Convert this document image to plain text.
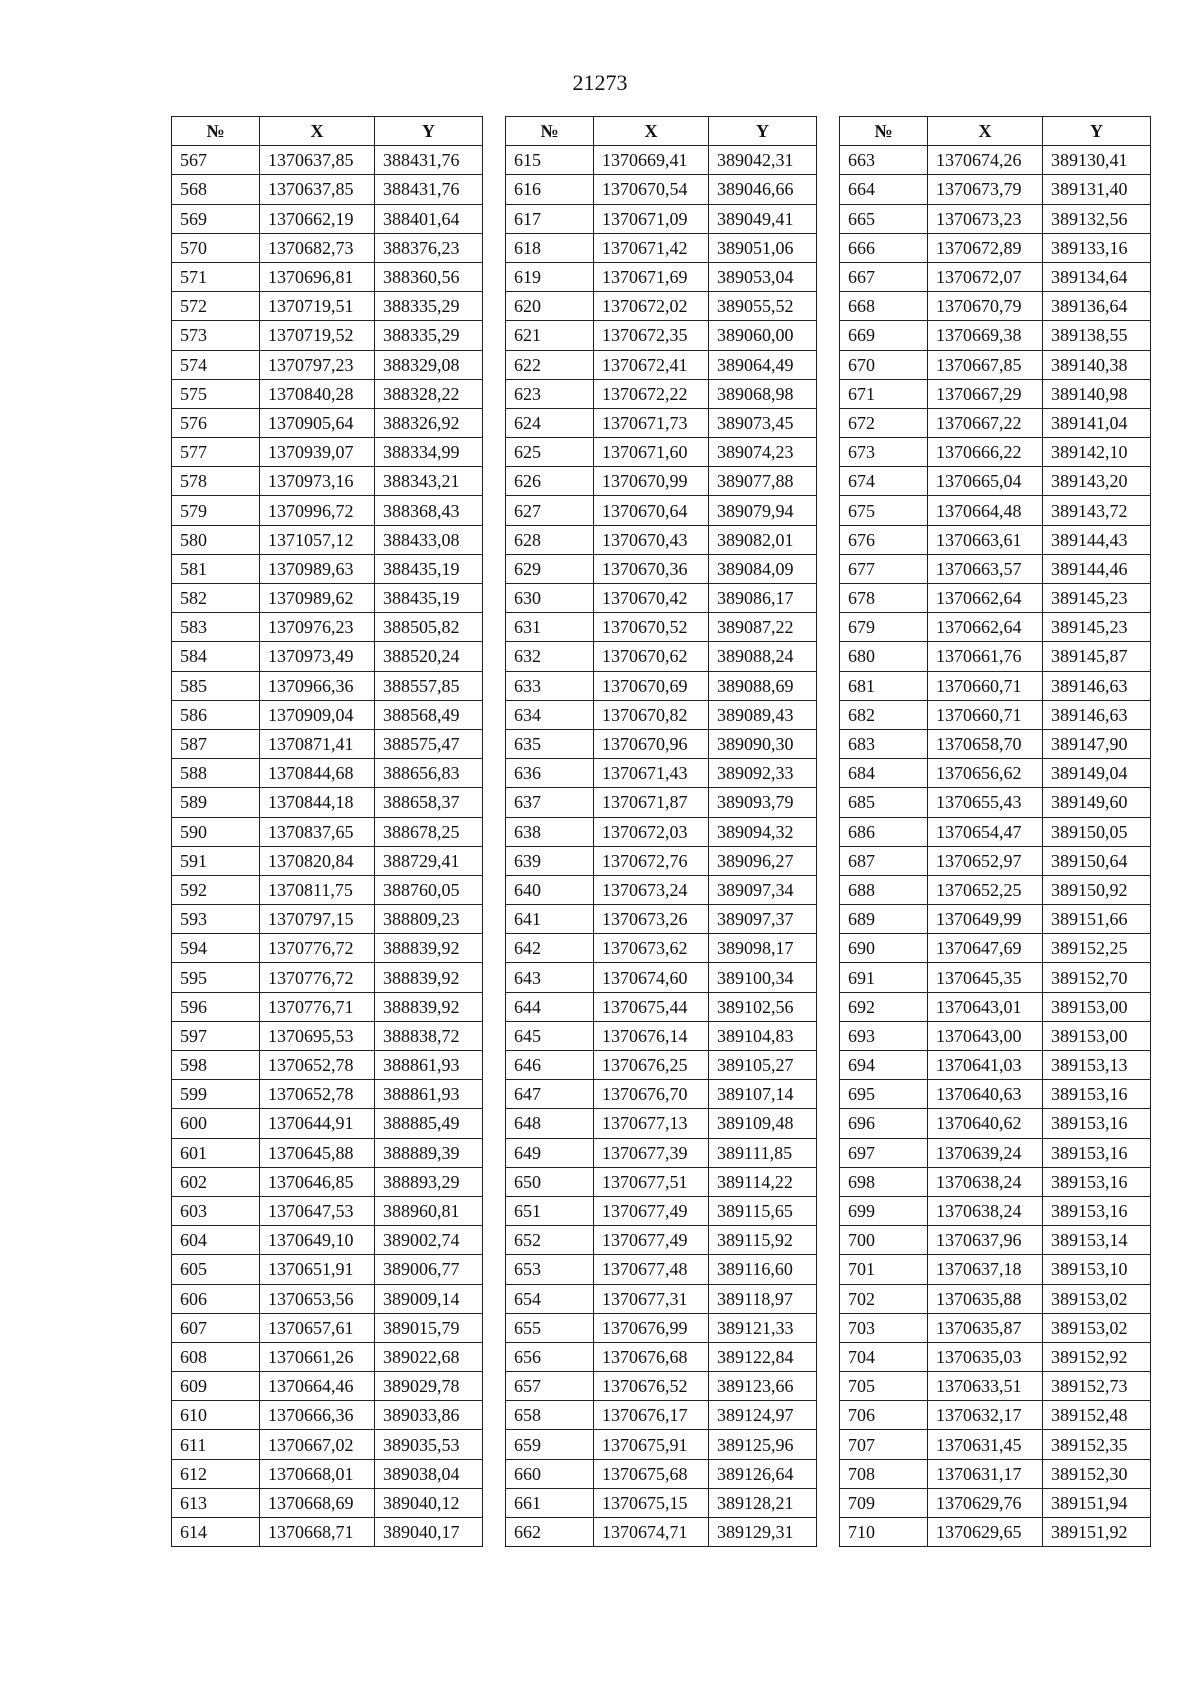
21273
№	X	Y
567	1370637,85	388431,76
568	1370637,85	388431,76
569	1370662,19	388401,64
570	1370682,73	388376,23
571	1370696,81	388360,56
572	1370719,51	388335,29
573	1370719,52	388335,29
574	1370797,23	388329,08
575	1370840,28	388328,22
576	1370905,64	388326,92
577	1370939,07	388334,99
578	1370973,16	388343,21
579	1370996,72	388368,43
580	1371057,12	388433,08
581	1370989,63	388435,19
582	1370989,62	388435,19
583	1370976,23	388505,82
584	1370973,49	388520,24
585	1370966,36	388557,85
586	1370909,04	388568,49
587	1370871,41	388575,47
588	1370844,68	388656,83
589	1370844,18	388658,37
590	1370837,65	388678,25
591	1370820,84	388729,41
592	1370811,75	388760,05
593	1370797,15	388809,23
594	1370776,72	388839,92
595	1370776,72	388839,92
596	1370776,71	388839,92
597	1370695,53	388838,72
598	1370652,78	388861,93
599	1370652,78	388861,93
600	1370644,91	388885,49
601	1370645,88	388889,39
602	1370646,85	388893,29
603	1370647,53	388960,81
604	1370649,10	389002,74
605	1370651,91	389006,77
606	1370653,56	389009,14
607	1370657,61	389015,79
608	1370661,26	389022,68
609	1370664,46	389029,78
610	1370666,36	389033,86
611	1370667,02	389035,53
612	1370668,01	389038,04
613	1370668,69	389040,12
614	1370668,71	389040,17
№	X	Y
615	1370669,41	389042,31
616	1370670,54	389046,66
617	1370671,09	389049,41
618	1370671,42	389051,06
619	1370671,69	389053,04
620	1370672,02	389055,52
621	1370672,35	389060,00
622	1370672,41	389064,49
623	1370672,22	389068,98
624	1370671,73	389073,45
625	1370671,60	389074,23
626	1370670,99	389077,88
627	1370670,64	389079,94
628	1370670,43	389082,01
629	1370670,36	389084,09
630	1370670,42	389086,17
631	1370670,52	389087,22
632	1370670,62	389088,24
633	1370670,69	389088,69
634	1370670,82	389089,43
635	1370670,96	389090,30
636	1370671,43	389092,33
637	1370671,87	389093,79
638	1370672,03	389094,32
639	1370672,76	389096,27
640	1370673,24	389097,34
641	1370673,26	389097,37
642	1370673,62	389098,17
643	1370674,60	389100,34
644	1370675,44	389102,56
645	1370676,14	389104,83
646	1370676,25	389105,27
647	1370676,70	389107,14
648	1370677,13	389109,48
649	1370677,39	389111,85
650	1370677,51	389114,22
651	1370677,49	389115,65
652	1370677,49	389115,92
653	1370677,48	389116,60
654	1370677,31	389118,97
655	1370676,99	389121,33
656	1370676,68	389122,84
657	1370676,52	389123,66
658	1370676,17	389124,97
659	1370675,91	389125,96
660	1370675,68	389126,64
661	1370675,15	389128,21
662	1370674,71	389129,31
№	X	Y
663	1370674,26	389130,41
664	1370673,79	389131,40
665	1370673,23	389132,56
666	1370672,89	389133,16
667	1370672,07	389134,64
668	1370670,79	389136,64
669	1370669,38	389138,55
670	1370667,85	389140,38
671	1370667,29	389140,98
672	1370667,22	389141,04
673	1370666,22	389142,10
674	1370665,04	389143,20
675	1370664,48	389143,72
676	1370663,61	389144,43
677	1370663,57	389144,46
678	1370662,64	389145,23
679	1370662,64	389145,23
680	1370661,76	389145,87
681	1370660,71	389146,63
682	1370660,71	389146,63
683	1370658,70	389147,90
684	1370656,62	389149,04
685	1370655,43	389149,60
686	1370654,47	389150,05
687	1370652,97	389150,64
688	1370652,25	389150,92
689	1370649,99	389151,66
690	1370647,69	389152,25
691	1370645,35	389152,70
692	1370643,01	389153,00
693	1370643,00	389153,00
694	1370641,03	389153,13
695	1370640,63	389153,16
696	1370640,62	389153,16
697	1370639,24	389153,16
698	1370638,24	389153,16
699	1370638,24	389153,16
700	1370637,96	389153,14
701	1370637,18	389153,10
702	1370635,88	389153,02
703	1370635,87	389153,02
704	1370635,03	389152,92
705	1370633,51	389152,73
706	1370632,17	389152,48
707	1370631,45	389152,35
708	1370631,17	389152,30
709	1370629,76	389151,94
710	1370629,65	389151,92
